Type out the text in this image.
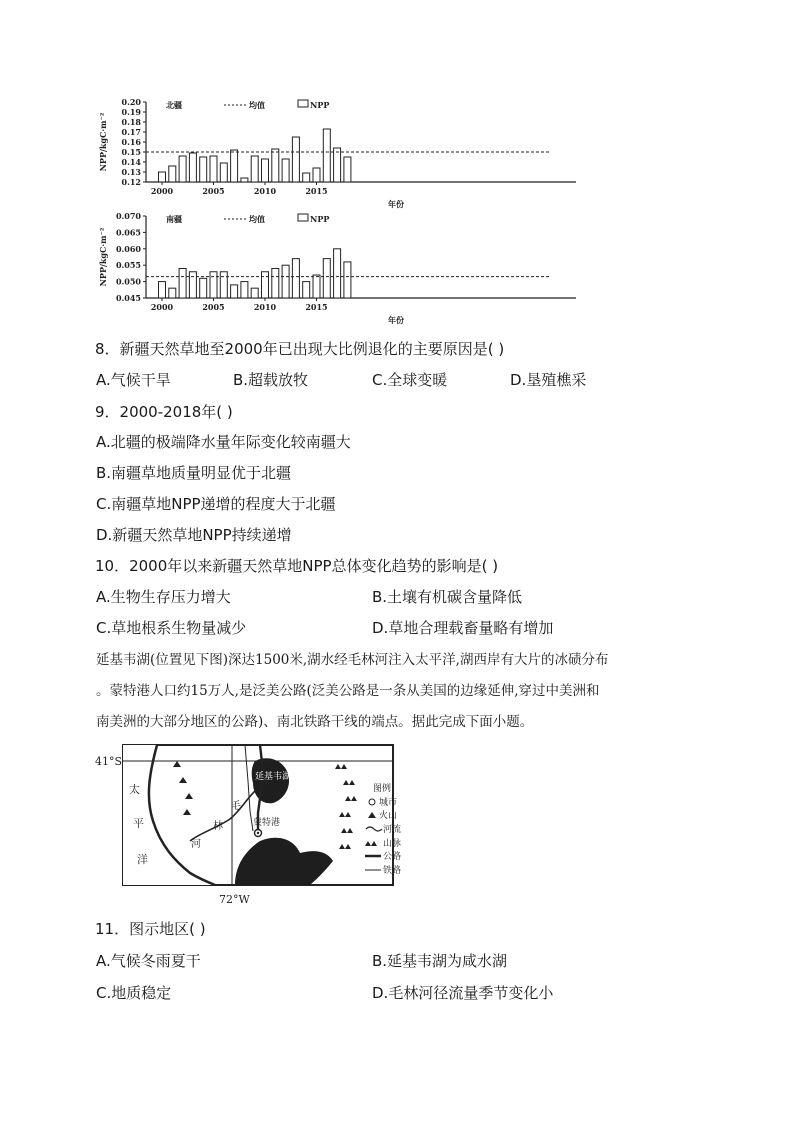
0.20
0.19
0.18
0.17
0.16
0.15
0.14
0.13
0.12
2000	2005	2010	2015
北疆	均值	NPP
NPP/kgC·m⁻²
年份
0.070
0.065
0.060
0.055
0.050
0.045
2000	2005	2010	2015
南疆	均值	NPP
NPP/kgC·m⁻²
年份
8．新疆天然草地至2000年已出现大比例退化的主要原因是( )
A.气候干旱	B.超载放牧	C.全球变暖	D.垦殖樵采
9．2000-2018年( )
A.北疆的极端降水量年际变化较南疆大
B.南疆草地质量明显优于北疆
C.南疆草地NPP递增的程度大于北疆
D.新疆天然草地NPP持续递增
10．2000年以来新疆天然草地NPP总体变化趋势的影响是( )
A.生物生存压力增大	B.土壤有机碳含量降低
C.草地根系生物量减少	D.草地合理载畜量略有增加
延基韦湖(位置见下图)深达1500米,湖水经毛林河注入太平洋,湖西岸有大片的冰碛分布
。蒙特港人口约15万人,是泛美公路(泛美公路是一条从美国的边缘延伸,穿过中美洲和
南美洲的大部分地区的公路)、南北铁路干线的端点。据此完成下面小题。
41°S
72°W
太
平
洋
毛
林
河
延基韦湖
蒙特港
图例
城市
火山
河流
山脉
公路
铁路
11．图示地区( )
A.气候冬雨夏干	B.延基韦湖为咸水湖
C.地质稳定	D.毛林河径流量季节变化小
